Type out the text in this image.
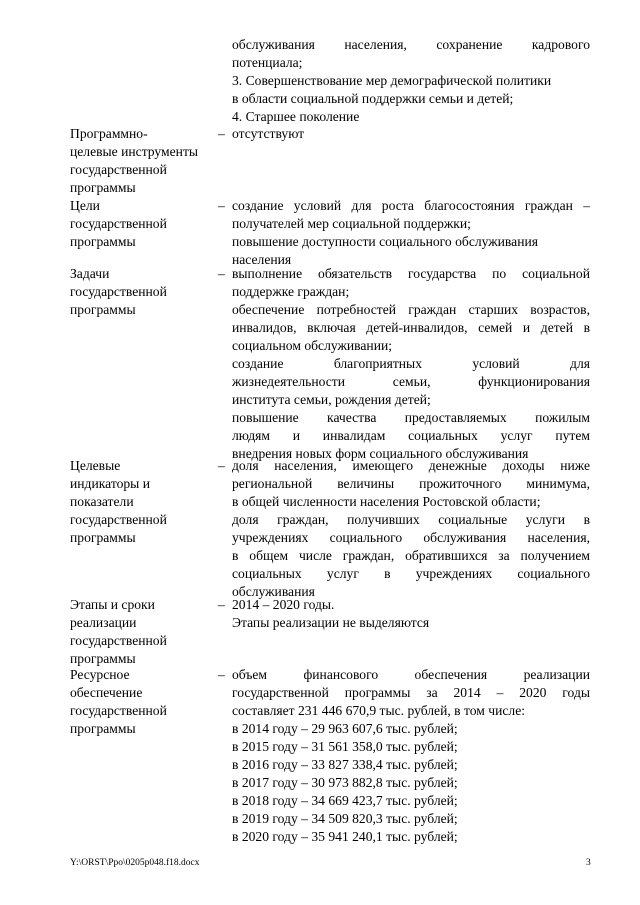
обслуживания населения, сохранение кадрового
потенциала;
3. Совершенствование мер демографической политики
в области социальной поддержки семьи и детей;
4. Старшее поколение
Программно-
целевые инструменты
государственной
программы
– отсутствуют
Цели
государственной
программы
– создание условий для роста благосостояния граждан –
получателей мер социальной поддержки;
повышение доступности социального обслуживания
населения
Задачи
государственной
программы
– выполнение обязательств государства по социальной
поддержке граждан;
обеспечение потребностей граждан старших возрастов,
инвалидов, включая детей-инвалидов, семей и детей в
социальном обслуживании;
создание благоприятных условий для
жизнедеятельности семьи, функционирования
института семьи, рождения детей;
повышение качества предоставляемых пожилым
людям и инвалидам социальных услуг путем
внедрения новых форм социального обслуживания
Целевые
индикаторы и
показатели
государственной
программы
– доля населения, имеющего денежные доходы ниже
региональной величины прожиточного минимума,
в общей численности населения Ростовской области;
доля граждан, получивших социальные услуги в
учреждениях социального обслуживания населения,
в общем числе граждан, обратившихся за получением
социальных услуг в учреждениях социального
обслуживания
Этапы и сроки
реализации
государственной
программы
– 2014 – 2020 годы.
Этапы реализации не выделяются
Ресурсное
обеспечение
государственной
программы
– объем финансового обеспечения реализации
государственной программы за 2014 – 2020 годы
составляет 231 446 670,9 тыс. рублей, в том числе:
в 2014 году – 29 963 607,6 тыс. рублей;
в 2015 году – 31 561 358,0 тыс. рублей;
в 2016 году – 33 827 338,4 тыс. рублей;
в 2017 году – 30 973 882,8 тыс. рублей;
в 2018 году – 34 669 423,7 тыс. рублей;
в 2019 году – 34 509 820,3 тыс. рублей;
в 2020 году – 35 941 240,1 тыс. рублей;
Y:\ORST\Ppo\0205p048.f18.docx	3
